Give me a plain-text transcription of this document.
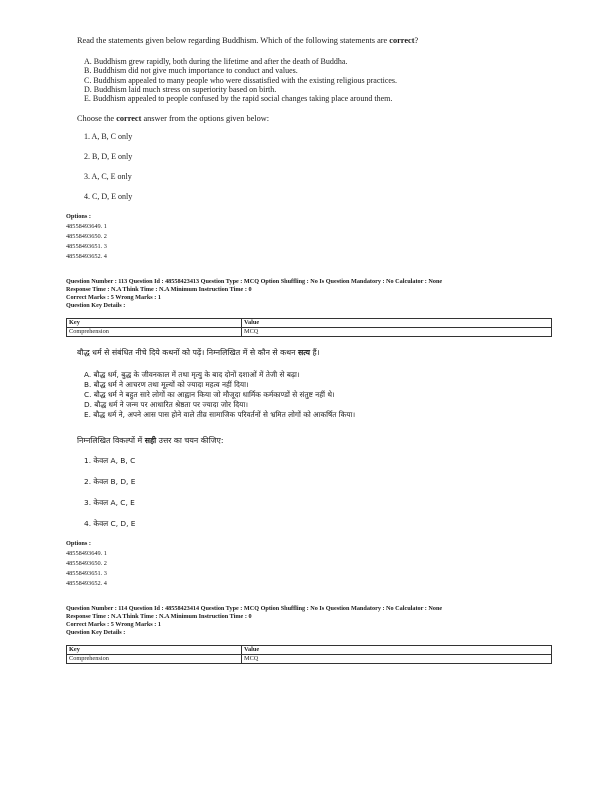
Read the statements given below regarding Buddhism. Which of the following statements are correct?
A. Buddhism grew rapidly, both during the lifetime and after the death of Buddha.
B. Buddhism did not give much importance to conduct and values.
C. Buddhism appealed to many people who were dissatisfied with the existing religious practices.
D. Buddhism laid much stress on superiority based on birth.
E. Buddhism appealed to people confused by the rapid social changes taking place around them.
Choose the correct answer from the options given below:
1. A, B, C only
2. B, D, E only
3. A, C, E only
4. C, D, E only
Options :
48558493649. 1
48558493650. 2
48558493651. 3
48558493652. 4
Question Number : 113 Question Id : 48558423413 Question Type : MCQ Option Shuffling : No Is Question Mandatory : No Calculator : None
Response Time : N.A Think Time : N.A Minimum Instruction Time : 0
Correct Marks : 5 Wrong Marks : 1
Question Key Details :
Key	Value
Comprehension	MCQ
बौद्ध धर्म से संबंधित नीचे दिये कथनों को पढ़ें। निम्नलिखित में से कौन से कथन सत्य हैं।
A. बौद्ध धर्म, बुद्ध के जीवनकाल में तथा मृत्यु के बाद दोनों दशाओं में तेजी से बढ़ा।
B. बौद्ध धर्म ने आचरण तथा मूल्यों को ज्यादा महत्व नहीं दिया।
C. बौद्ध धर्म ने बहुत सारे लोगों का आह्वान किया जो मौजूदा धार्मिक कर्मकाण्डों से संतुष्ट नहीं थे।
D. बौद्ध धर्म ने जन्म पर आधारित श्रेष्ठता पर ज्यादा जोर दिया।
E. बौद्ध धर्म ने, अपने आस पास होने वाले तीव्र सामाजिक परिवर्तनों से भ्रमित लोगों को आकर्षित किया।
निम्नलिखित विकल्पों में सही उत्तर का चयन कीजिए:
1. केवल A, B, C
2. केवल B, D, E
3. केवल A, C, E
4. केवल C, D, E
Options :
48558493649. 1
48558493650. 2
48558493651. 3
48558493652. 4
Question Number : 114 Question Id : 48558423414 Question Type : MCQ Option Shuffling : No Is Question Mandatory : No Calculator : None
Response Time : N.A Think Time : N.A Minimum Instruction Time : 0
Correct Marks : 5 Wrong Marks : 1
Question Key Details :
Key	Value
Comprehension	MCQ
